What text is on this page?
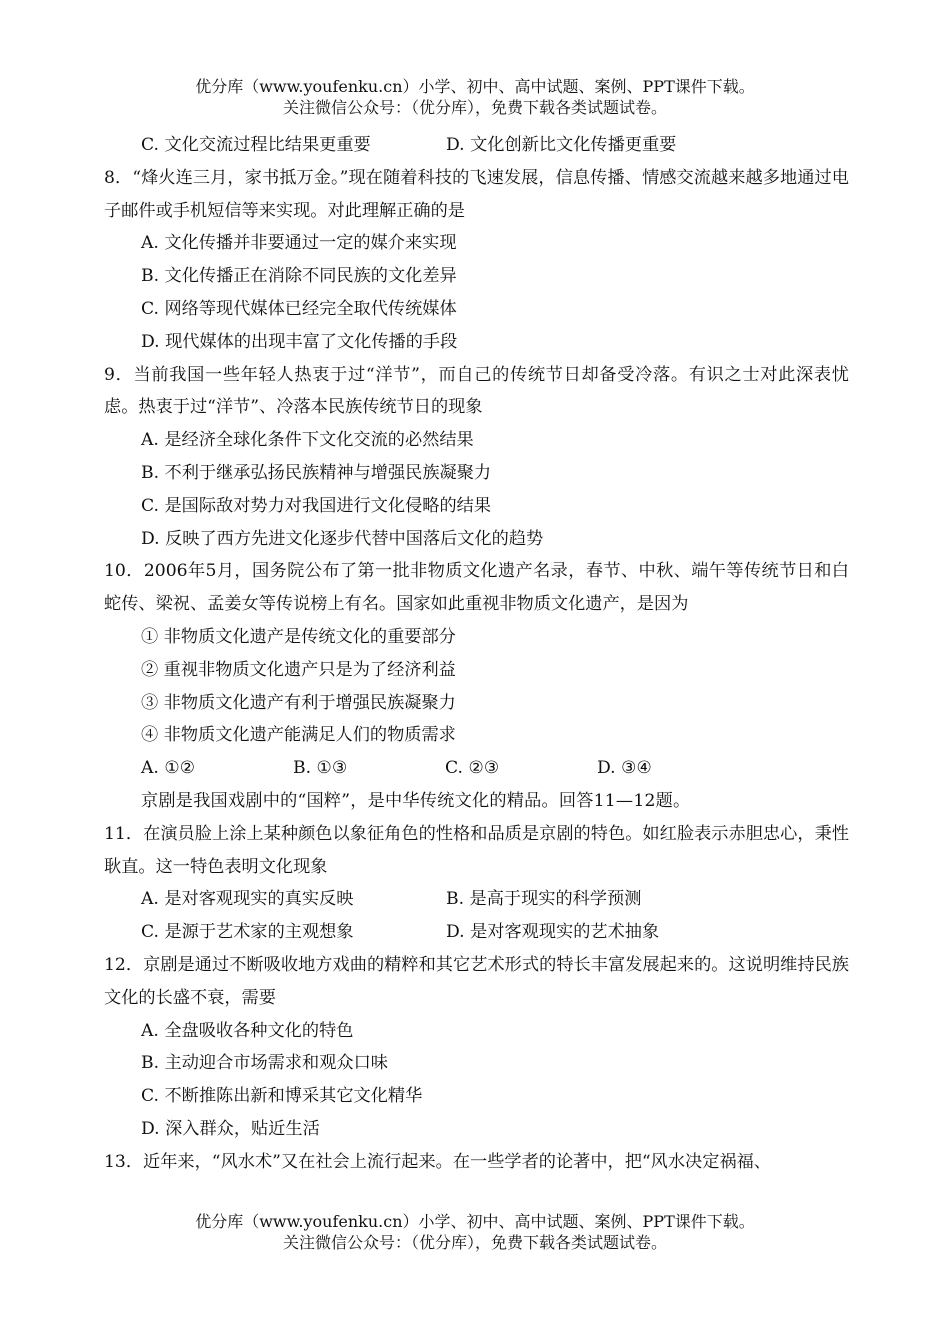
优分库（www.youfenku.cn）小学、初中、高中试题、案例、PPT课件下载。
关注微信公众号：（优分库），免费下载各类试题试卷。
C. 文化交流过程比结果更重要	D. 文化创新比文化传播更重要
8．“烽火连三月，家书抵万金。”现在随着科技的飞速发展，信息传播、情感交流越来越多地通过电子邮件或手机短信等来实现。对此理解正确的是
A. 文化传播并非要通过一定的媒介来实现
B. 文化传播正在消除不同民族的文化差异
C. 网络等现代媒体已经完全取代传统媒体
D. 现代媒体的出现丰富了文化传播的手段
9．当前我国一些年轻人热衷于过“洋节”，而自己的传统节日却备受冷落。有识之士对此深表忧虑。热衷于过“洋节”、冷落本民族传统节日的现象
A. 是经济全球化条件下文化交流的必然结果
B. 不利于继承弘扬民族精神与增强民族凝聚力
C. 是国际敌对势力对我国进行文化侵略的结果
D. 反映了西方先进文化逐步代替中国落后文化的趋势
10．2006年5月，国务院公布了第一批非物质文化遗产名录，春节、中秋、端午等传统节日和白蛇传、梁祝、孟姜女等传说榜上有名。国家如此重视非物质文化遗产，是因为
① 非物质文化遗产是传统文化的重要部分
② 重视非物质文化遗产只是为了经济利益
③ 非物质文化遗产有利于增强民族凝聚力
④ 非物质文化遗产能满足人们的物质需求
A. ①②	B. ①③	C. ②③	D. ③④
京剧是我国戏剧中的“国粹”，是中华传统文化的精品。回答11—12题。
11．在演员脸上涂上某种颜色以象征角色的性格和品质是京剧的特色。如红脸表示赤胆忠心，秉性耿直。这一特色表明文化现象
A. 是对客观现实的真实反映	B. 是高于现实的科学预测
C. 是源于艺术家的主观想象	D. 是对客观现实的艺术抽象
12．京剧是通过不断吸收地方戏曲的精粹和其它艺术形式的特长丰富发展起来的。这说明维持民族文化的长盛不衰，需要
A. 全盘吸收各种文化的特色
B. 主动迎合市场需求和观众口味
C. 不断推陈出新和博采其它文化精华
D. 深入群众，贴近生活
13．近年来，“风水术”又在社会上流行起来。在一些学者的论著中，把“风水决定祸福、
优分库（www.youfenku.cn）小学、初中、高中试题、案例、PPT课件下载。
关注微信公众号：（优分库），免费下载各类试题试卷。
